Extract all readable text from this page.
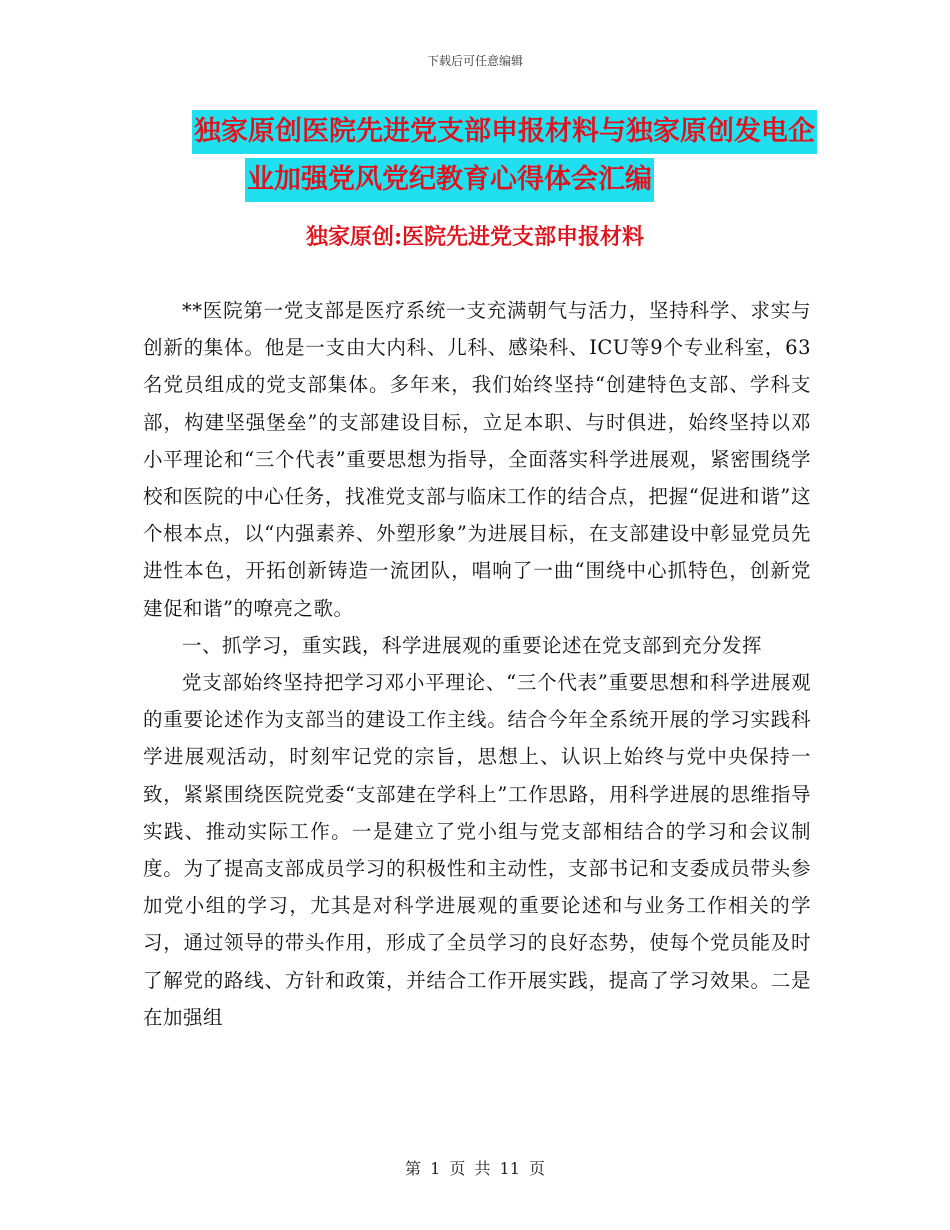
下载后可任意编辑
独家原创医院先进党支部申报材料与独家原创发电企
业加强党风党纪教育心得体会汇编
独家原创:医院先进党支部申报材料

**医院第一党支部是医疗系统一支充满朝气与活力，坚持科学、求实与创新的集体。他是一支由大内科、儿科、感染科、ICU等9个专业科室，63名党员组成的党支部集体。多年来，我们始终坚持“创建特色支部、学科支部，构建坚强堡垒”的支部建设目标，立足本职、与时俱进，始终坚持以邓小平理论和“三个代表”重要思想为指导，全面落实科学进展观，紧密围绕学校和医院的中心任务，找准党支部与临床工作的结合点，把握“促进和谐”这个根本点，以“内强素养、外塑形象”为进展目标，在支部建设中彰显党员先进性本色，开拓创新铸造一流团队，唱响了一曲“围绕中心抓特色，创新党建促和谐”的嘹亮之歌。

一、抓学习，重实践，科学进展观的重要论述在党支部到充分发挥

党支部始终坚持把学习邓小平理论、“三个代表”重要思想和科学进展观的重要论述作为支部当的建设工作主线。结合今年全系统开展的学习实践科学进展观活动，时刻牢记党的宗旨，思想上、认识上始终与党中央保持一致，紧紧围绕医院党委“支部建在学科上”工作思路，用科学进展的思维指导实践、推动实际工作。一是建立了党小组与党支部相结合的学习和会议制度。为了提高支部成员学习的积极性和主动性，支部书记和支委成员带头参加党小组的学习，尤其是对科学进展观的重要论述和与业务工作相关的学习，通过领导的带头作用，形成了全员学习的良好态势，使每个党员能及时了解党的路线、方针和政策，并结合工作开展实践，提高了学习效果。二是在加强组

第 1 页 共 11 页
